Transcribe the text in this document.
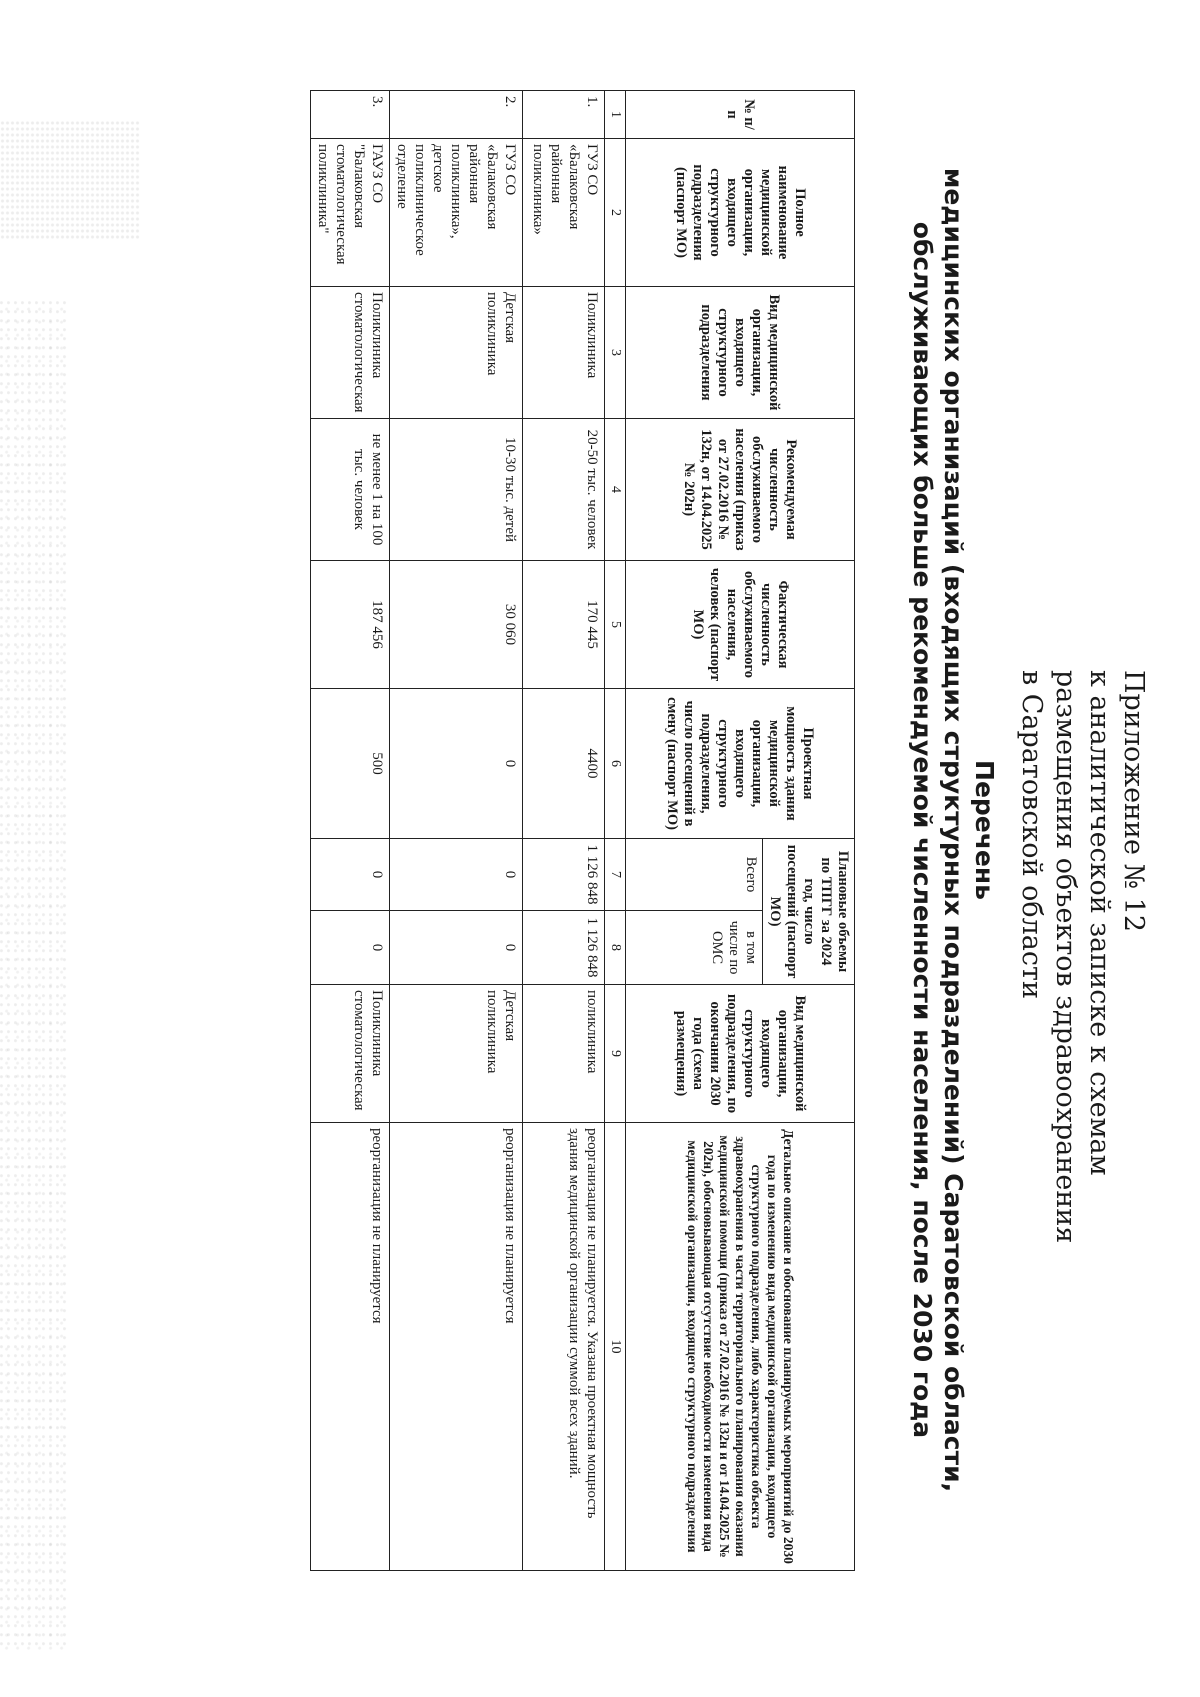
Приложение № 12
к аналитической записке к схемам
размещения объектов здравоохранения
в Саратовской области
Перечень
медицинских организаций (входящих структурных подразделений) Саратовской области,
обслуживающих больше рекомендуемой численности населения, после 2030 года
№ п/п	Полное наименование медицинской организации, входящего структурного подразделения (паспорт МО)	Вид медицинской организации, входящего структурного подразделения	Рекомендуемая численность обслуживаемого населения (приказ от 27.02.2016 № 132н, от 14.04.2025 № 202н)	Фактическая численность обслуживаемого населения, человек (паспорт МО)	Проектная мощность здания медицинской организации, входящего структурного подразделения, число посещений в смену (паспорт МО)	Плановые объемы по ТПГГ за 2024 год, число посещений (паспорт МО)		Вид медицинской организации, входящего структурного подразделения, по окончании 2030 года (схема размещения)	Детальное описание и обоснование планируемых мероприятий до 2030 года по изменению вида медицинской организации, входящего структурного подразделения, либо характеристика объекта здравоохранения в части территориального планирования оказания медицинской помощи (приказ от 27.02.2016 № 132н и от 14.04.2025 № 202н), обосновывающая отсутствие необходимости изменения вида медицинской организации, входящего структурного подразделения
						Всего	в том числе по ОМС		
1	2	3	4	5	6	7	8	9	10
1.	ГУЗ СО «Балаковская районная поликлиника»	Поликлиника	20-50 тыс. человек	170 445	4400	1 126 848	1 126 848	поликлиника	реорганизация не планируется. Указана проектная мощность здания медицинской организации суммой всех зданий.
2.	ГУЗ СО «Балаковская районная поликлиника», детское поликлиническое отделение	Детская поликлиника	10-30 тыс. детей	30 060	0	0	0	Детская поликлиника	реорганизация не планируется
3.	ГАУЗ СО "Балаковская стоматологическая поликлиника"	Поликлиника стоматологическая	не менее 1 на 100 тыс. человек	187 456	500	0	0	Поликлиника стоматологическая	реорганизация не планируется
